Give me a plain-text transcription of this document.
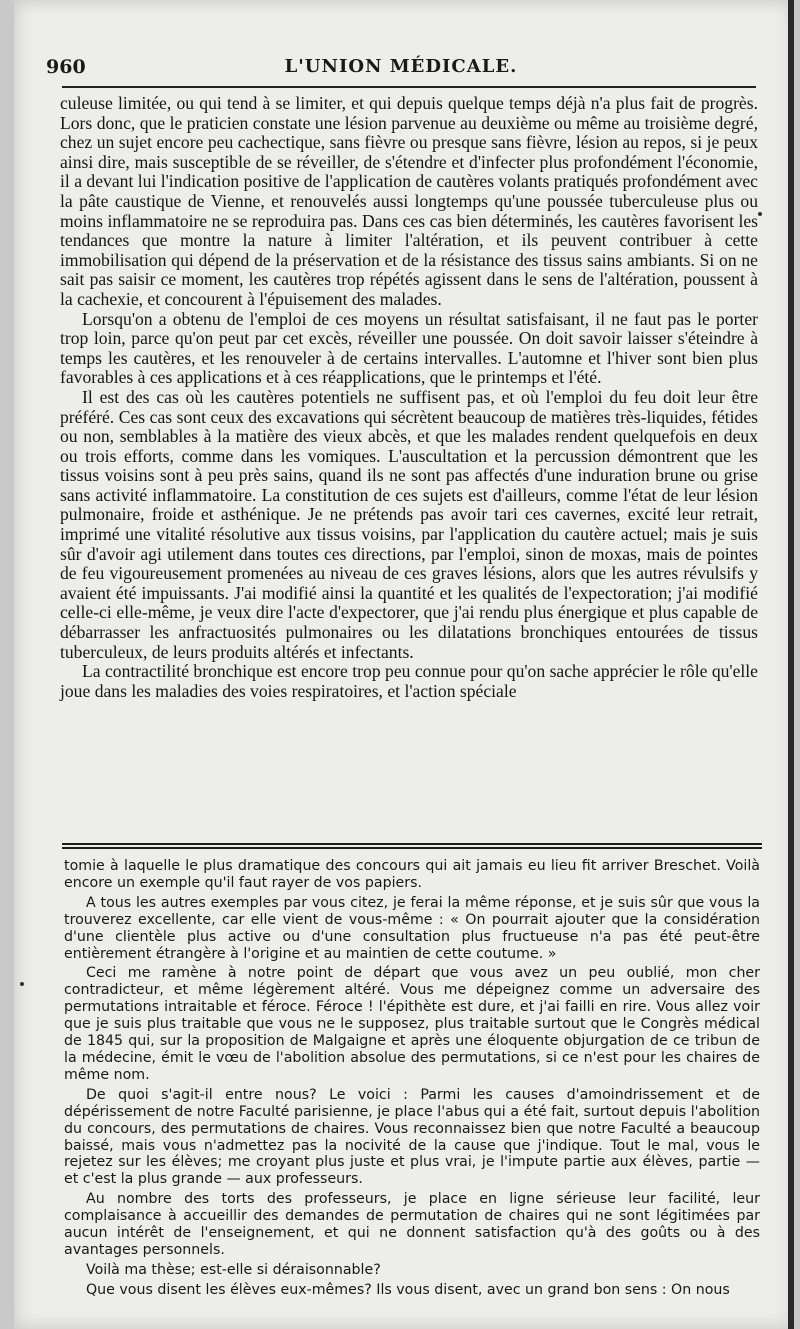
960	L'UNION MÉDICALE.

culeuse limitée, ou qui tend à se limiter, et qui depuis quelque temps déjà n'a plus fait de progrès. Lors donc, que le praticien constate une lésion parvenue au deuxième ou même au troisième degré, chez un sujet encore peu cachectique, sans fièvre ou presque sans fièvre, lésion au repos, si je peux ainsi dire, mais susceptible de se réveiller, de s'étendre et d'infecter plus profondément l'économie, il a devant lui l'indication positive de l'application de cautères volants pratiqués profondément avec la pâte caustique de Vienne, et renouvelés aussi longtemps qu'une poussée tuberculeuse plus ou moins inflammatoire ne se reproduira pas. Dans ces cas bien déterminés, les cautères favorisent les tendances que montre la nature à limiter l'altération, et ils peuvent contribuer à cette immobilisation qui dépend de la préservation et de la résistance des tissus sains ambiants. Si on ne sait pas saisir ce moment, les cautères trop répétés agissent dans le sens de l'altération, poussent à la cachexie, et concourent à l'épuisement des malades.

Lorsqu'on a obtenu de l'emploi de ces moyens un résultat satisfaisant, il ne faut pas le porter trop loin, parce qu'on peut par cet excès, réveiller une poussée. On doit savoir laisser s'éteindre à temps les cautères, et les renouveler à de certains intervalles. L'automne et l'hiver sont bien plus favorables à ces applications et à ces réapplications, que le printemps et l'été.

Il est des cas où les cautères potentiels ne suffisent pas, et où l'emploi du feu doit leur être préféré. Ces cas sont ceux des excavations qui sécrètent beaucoup de matières très-liquides, fétides ou non, semblables à la matière des vieux abcès, et que les malades rendent quelquefois en deux ou trois efforts, comme dans les vomiques. L'auscultation et la percussion démontrent que les tissus voisins sont à peu près sains, quand ils ne sont pas affectés d'une induration brune ou grise sans activité inflammatoire. La constitution de ces sujets est d'ailleurs, comme l'état de leur lésion pulmonaire, froide et asthénique. Je ne prétends pas avoir tari ces cavernes, excité leur retrait, imprimé une vitalité résolutive aux tissus voisins, par l'application du cautère actuel; mais je suis sûr d'avoir agi utilement dans toutes ces directions, par l'emploi, sinon de moxas, mais de pointes de feu vigoureusement promenées au niveau de ces graves lésions, alors que les autres révulsifs y avaient été impuissants. J'ai modifié ainsi la quantité et les qualités de l'expectoration; j'ai modifié celle-ci elle-même, je veux dire l'acte d'expectorer, que j'ai rendu plus énergique et plus capable de débarrasser les anfractuosités pulmonaires ou les dilatations bronchiques entourées de tissus tuberculeux, de leurs produits altérés et infectants.

La contractilité bronchique est encore trop peu connue pour qu'on sache apprécier le rôle qu'elle joue dans les maladies des voies respiratoires, et l'action spéciale

tomie à laquelle le plus dramatique des concours qui ait jamais eu lieu fit arriver Breschet. Voilà encore un exemple qu'il faut rayer de vos papiers.

A tous les autres exemples par vous citez, je ferai la même réponse, et je suis sûr que vous la trouverez excellente, car elle vient de vous-même : « On pourrait ajouter que la considération d'une clientèle plus active ou d'une consultation plus fructueuse n'a pas été peut-être entièrement étrangère à l'origine et au maintien de cette coutume. »

Ceci me ramène à notre point de départ que vous avez un peu oublié, mon cher contradicteur, et même légèrement altéré. Vous me dépeignez comme un adversaire des permutations intraitable et féroce. Féroce ! l'épithète est dure, et j'ai failli en rire. Vous allez voir que je suis plus traitable que vous ne le supposez, plus traitable surtout que le Congrès médical de 1845 qui, sur la proposition de Malgaigne et après une éloquente objurgation de ce tribun de la médecine, émit le vœu de l'abolition absolue des permutations, si ce n'est pour les chaires de même nom.

De quoi s'agit-il entre nous? Le voici : Parmi les causes d'amoindrissement et de dépérissement de notre Faculté parisienne, je place l'abus qui a été fait, surtout depuis l'abolition du concours, des permutations de chaires. Vous reconnaissez bien que notre Faculté a beaucoup baissé, mais vous n'admettez pas la nocivité de la cause que j'indique. Tout le mal, vous le rejetez sur les élèves; me croyant plus juste et plus vrai, je l'impute partie aux élèves, partie — et c'est la plus grande — aux professeurs.

Au nombre des torts des professeurs, je place en ligne sérieuse leur facilité, leur complaisance à accueillir des demandes de permutation de chaires qui ne sont légitimées par aucun intérêt de l'enseignement, et qui ne donnent satisfaction qu'à des goûts ou à des avantages personnels.

Voilà ma thèse; est-elle si déraisonnable?

Que vous disent les élèves eux-mêmes? Ils vous disent, avec un grand bon sens : On nous
